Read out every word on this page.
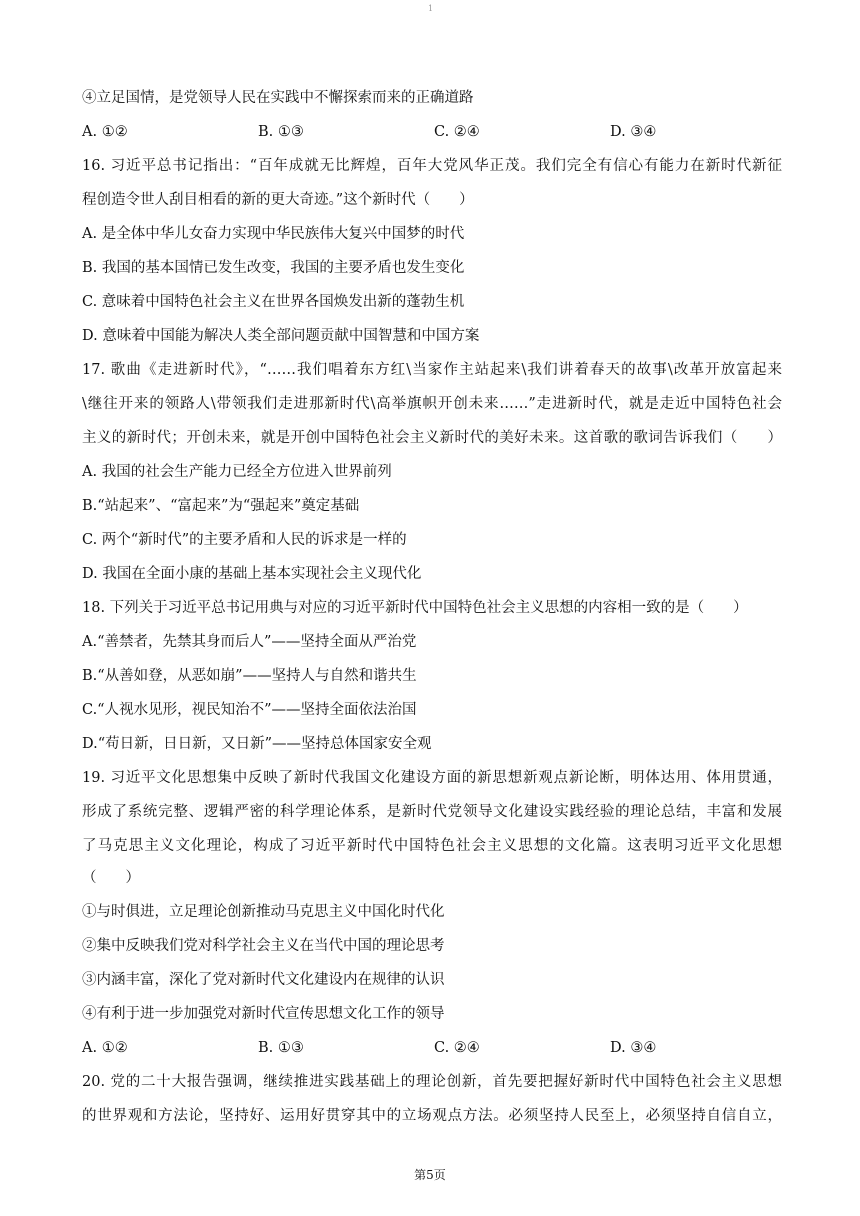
1
④立足国情，是党领导人民在实践中不懈探索而来的正确道路
A. ①②	B. ①③	C. ②④	D. ③④
16. 习近平总书记指出：“百年成就无比辉煌，百年大党风华正茂。我们完全有信心有能力在新时代新征
程创造令世人刮目相看的新的更大奇迹。”这个新时代（　　）
A. 是全体中华儿女奋力实现中华民族伟大复兴中国梦的时代
B. 我国的基本国情已发生改变，我国的主要矛盾也发生变化
C. 意味着中国特色社会主义在世界各国焕发出新的蓬勃生机
D. 意味着中国能为解决人类全部问题贡献中国智慧和中国方案
17. 歌曲《走进新时代》，“……我们唱着东方红\当家作主站起来\我们讲着春天的故事\改革开放富起来
\继往开来的领路人\带领我们走进那新时代\高举旗帜开创未来……”走进新时代，就是走近中国特色社会
主义的新时代；开创未来，就是开创中国特色社会主义新时代的美好未来。这首歌的歌词告诉我们（　　）
A. 我国的社会生产能力已经全方位进入世界前列
B.“站起来”、“富起来”为“强起来”奠定基础
C. 两个“新时代”的主要矛盾和人民的诉求是一样的
D. 我国在全面小康的基础上基本实现社会主义现代化
18. 下列关于习近平总书记用典与对应的习近平新时代中国特色社会主义思想的内容相一致的是（　　）
A.“善禁者，先禁其身而后人”——坚持全面从严治党
B.“从善如登，从恶如崩”——坚持人与自然和谐共生
C.“人视水见形，视民知治不”——坚持全面依法治国
D.“苟日新，日日新，又日新”——坚持总体国家安全观
19. 习近平文化思想集中反映了新时代我国文化建设方面的新思想新观点新论断，明体达用、体用贯通，
形成了系统完整、逻辑严密的科学理论体系，是新时代党领导文化建设实践经验的理论总结，丰富和发展
了马克思主义文化理论，构成了习近平新时代中国特色社会主义思想的文化篇。这表明习近平文化思想
（　　）
①与时俱进，立足理论创新推动马克思主义中国化时代化
②集中反映我们党对科学社会主义在当代中国的理论思考
③内涵丰富，深化了党对新时代文化建设内在规律的认识
④有利于进一步加强党对新时代宣传思想文化工作的领导
A. ①②	B. ①③	C. ②④	D. ③④
20. 党的二十大报告强调，继续推进实践基础上的理论创新，首先要把握好新时代中国特色社会主义思想
的世界观和方法论，坚持好、运用好贯穿其中的立场观点方法。必须坚持人民至上，必须坚持自信自立，
第5页
